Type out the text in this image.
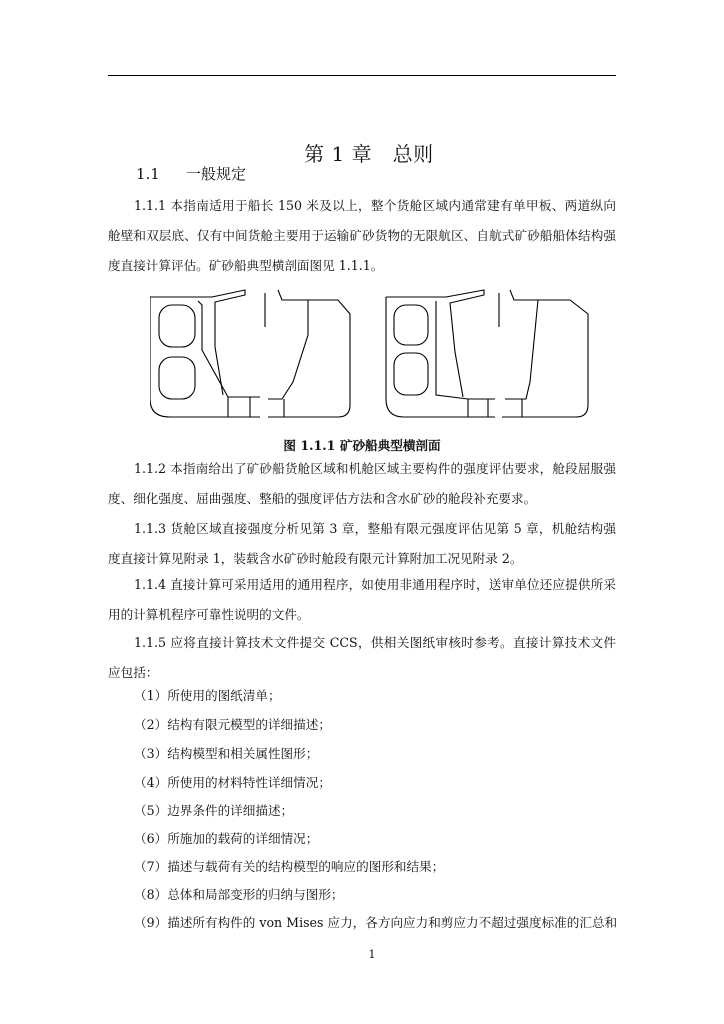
第 1 章　总则

1.1 一般规定
1.1.1 本指南适用于船长 150 米及以上，整个货舱区域内通常建有单甲板、两道纵向舱壁和双层底、仅有中间货舱主要用于运输矿砂货物的无限航区、自航式矿砂船船体结构强度直接计算评估。矿砂船典型横剖面图见 1.1.1。
图 1.1.1 矿砂船典型横剖面
1.1.2 本指南给出了矿砂船货舱区域和机舱区域主要构件的强度评估要求，舱段屈服强度、细化强度、屈曲强度、整船的强度评估方法和含水矿砂的舱段补充要求。
1.1.3 货舱区域直接强度分析见第 3 章，整船有限元强度评估见第 5 章，机舱结构强度直接计算见附录 1，装载含水矿砂时舱段有限元计算附加工况见附录 2。
1.1.4 直接计算可采用适用的通用程序，如使用非通用程序时，送审单位还应提供所采用的计算机程序可靠性说明的文件。
1.1.5 应将直接计算技术文件提交 CCS，供相关图纸审核时参考。直接计算技术文件应包括：
（1）所使用的图纸清单；
（2）结构有限元模型的详细描述；
（3）结构模型和相关属性图形；
（4）所使用的材料特性详细情况；
（5）边界条件的详细描述；
（6）所施加的载荷的详细情况；
（7）描述与载荷有关的结构模型的响应的图形和结果；
（8）总体和局部变形的归纳与图形；
（9）描述所有构件的 von Mises 应力，各方向应力和剪应力不超过强度标准的汇总和
1
